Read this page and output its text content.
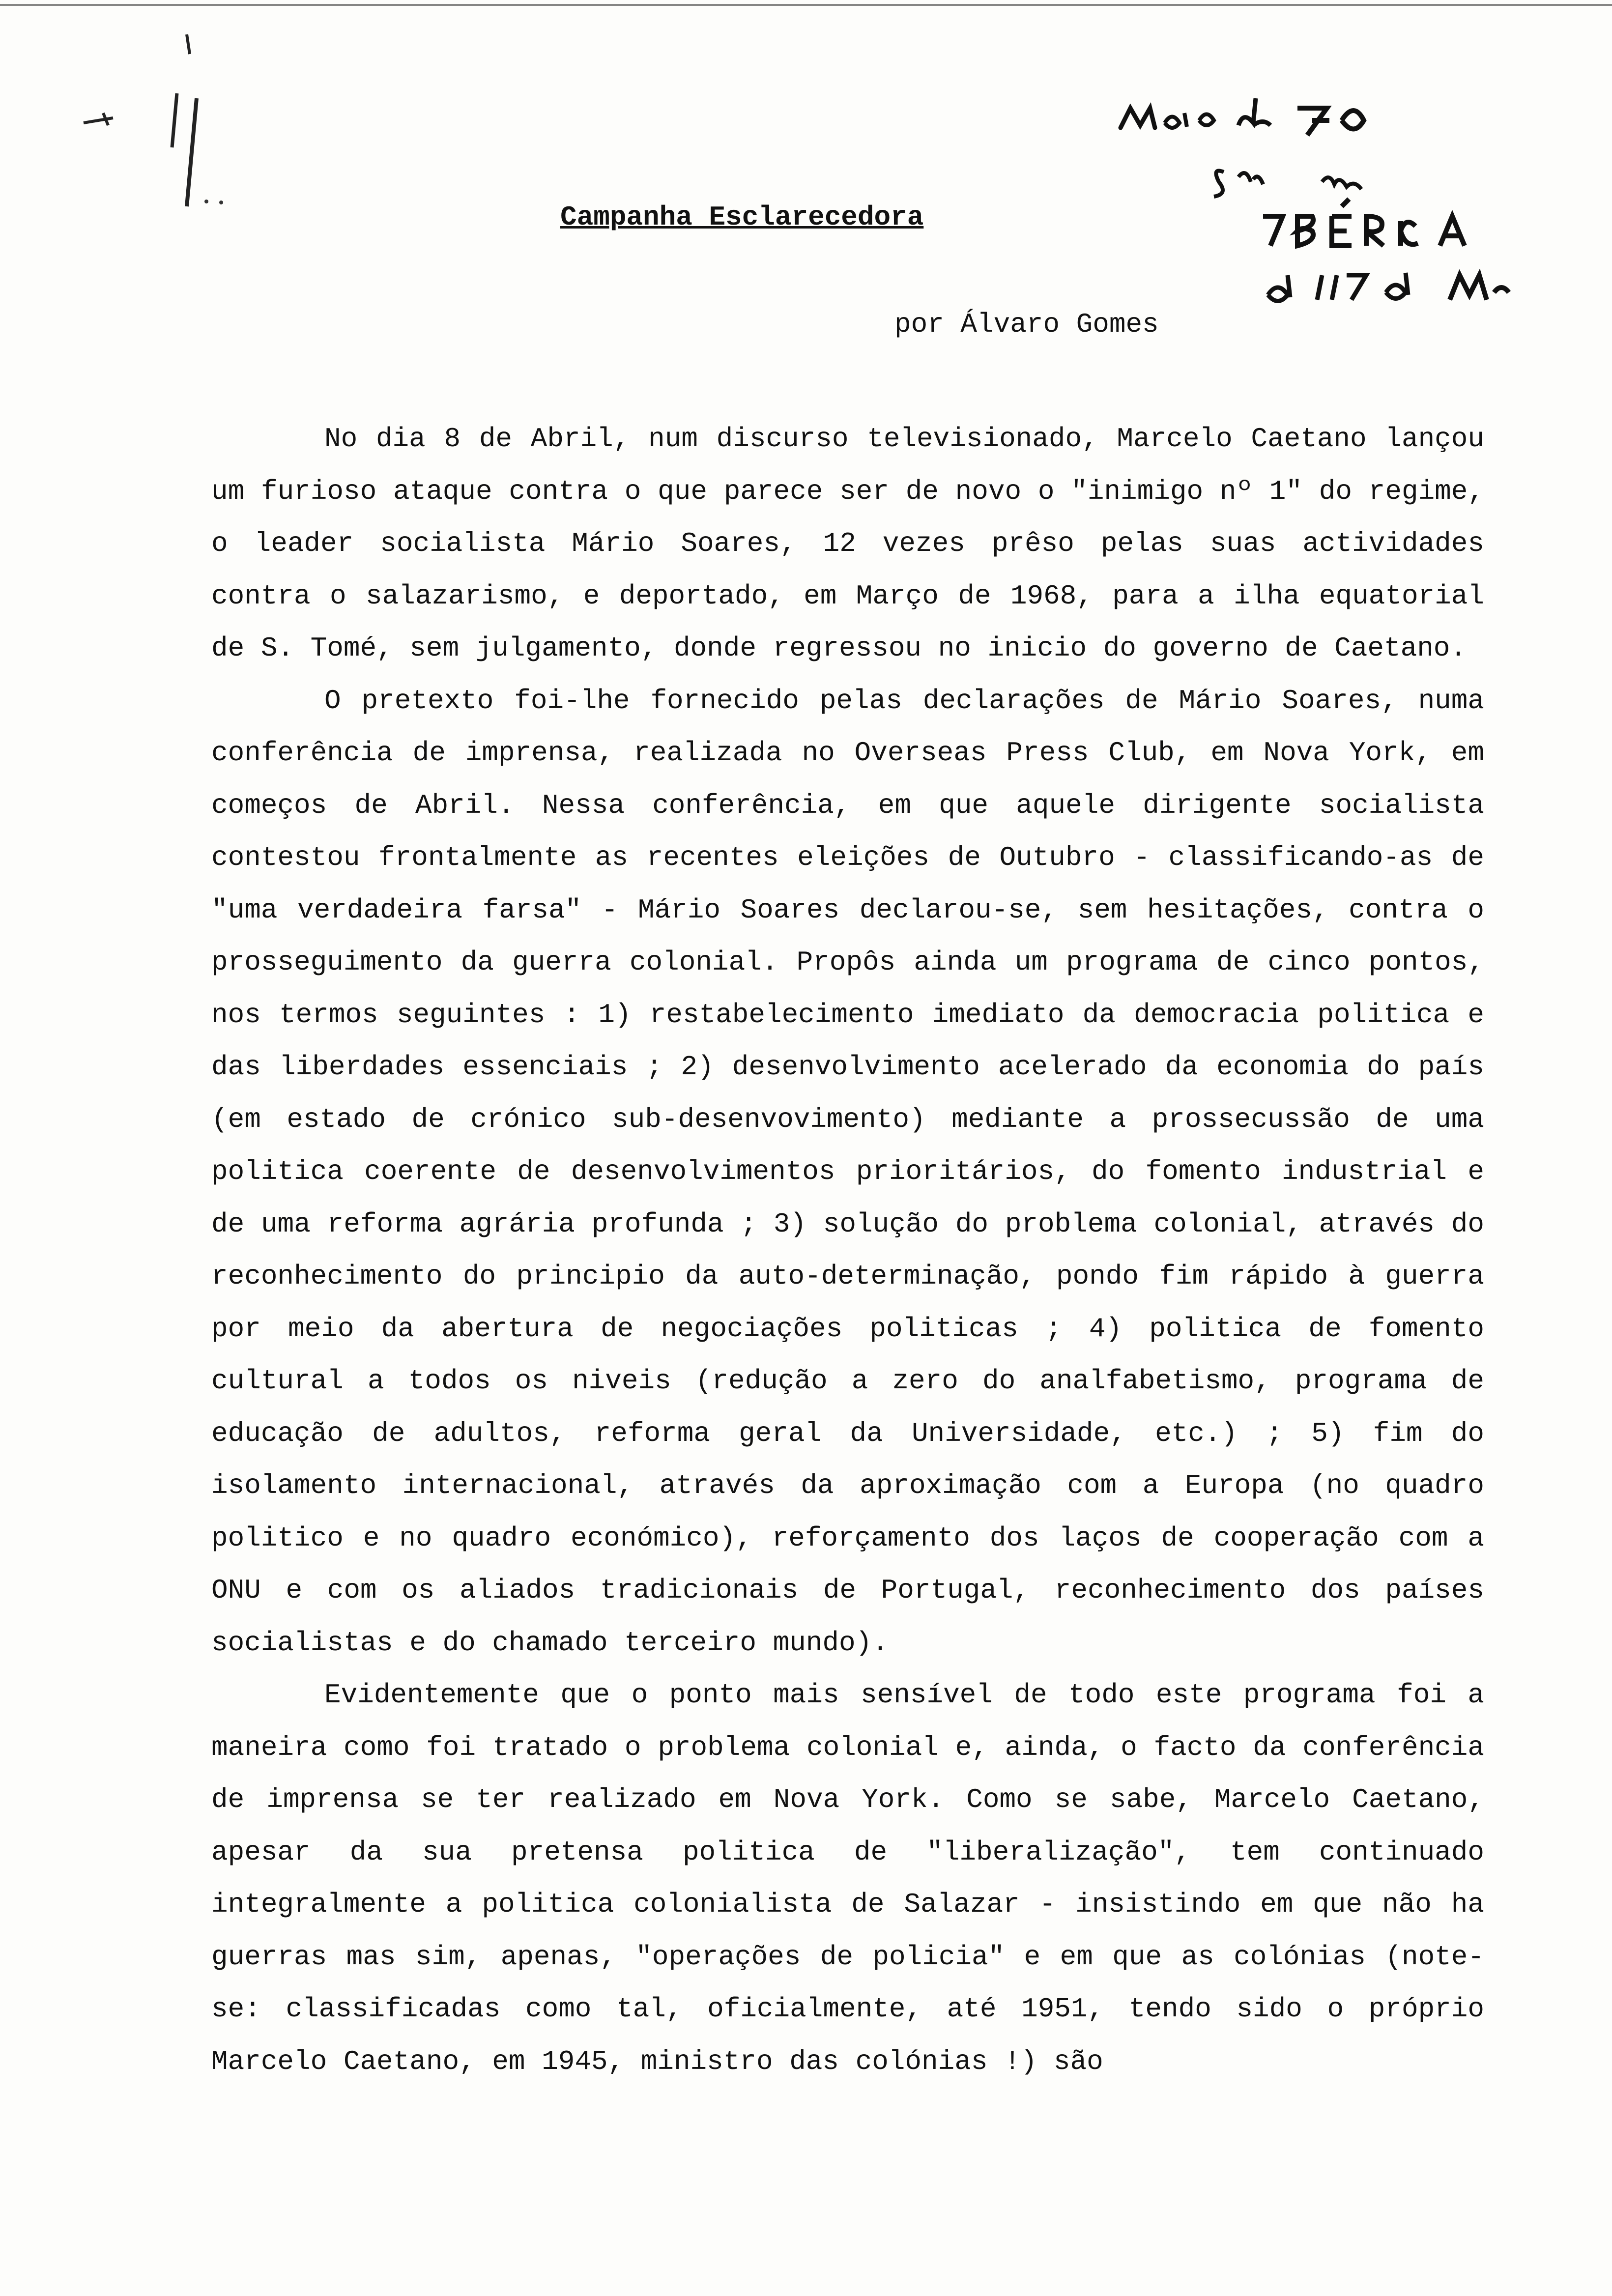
Campanha Esclarecedora
por Álvaro Gomes

No dia 8 de Abril, num discurso televisionado, Marcelo Caetano lançou um furioso ataque contra o que parece ser de novo o "inimigo nº 1" do regime, o leader socialista Mário Soares, 12 vezes prêso pelas suas actividades contra o salazarismo, e deportado, em Março de 1968, para a ilha equatorial de S. Tomé, sem julgamento, donde regressou no inicio do governo de Caetano.

O pretexto foi-lhe fornecido pelas declarações de Mário Soares, numa conferência de imprensa, realizada no Overseas Press Club, em Nova York, em começos de Abril. Nessa conferência, em que aquele dirigente socialista contestou frontalmente as recentes eleições de Outubro - classificando-as de "uma verdadeira farsa" - Mário Soares declarou-se, sem hesitações, contra o prosseguimento da guerra colonial. Propôs ainda um programa de cinco pontos, nos termos seguintes : 1) restabelecimento imediato da democracia politica e das liberdades essenciais ; 2) desenvolvimento acelerado da economia do país (em estado de crónico sub-desenvovimento) mediante a prossecussão de uma politica coerente de desenvolvimentos prioritários, do fomento industrial e de uma reforma agrária profunda ; 3) solução do problema colonial, através do reconhecimento do principio da auto-determinação, pondo fim rápido à guerra por meio da abertura de negociações politicas ; 4) politica de fomento cultural a todos os niveis (redução a zero do analfabetismo, programa de educação de adultos, reforma geral da Universidade, etc.) ; 5) fim do isolamento internacional, através da aproximação com a Europa (no quadro politico e no quadro económico), reforçamento dos laços de cooperação com a ONU e com os aliados tradicionais de Portugal, reconhecimento dos países socialistas e do chamado terceiro mundo).

Evidentemente que o ponto mais sensível de todo este programa foi a maneira como foi tratado o problema colonial e, ainda, o facto da conferência de imprensa se ter realizado em Nova York. Como se sabe, Marcelo Caetano, apesar da sua pretensa politica de "liberalização", tem continuado integralmente a politica colonialista de Salazar - insistindo em que não ha guerras mas sim, apenas, "operações de policia" e em que as colónias (note-se: classificadas como tal, oficialmente, até 1951, tendo sido o próprio Marcelo Caetano, em 1945, ministro das colónias !) são
